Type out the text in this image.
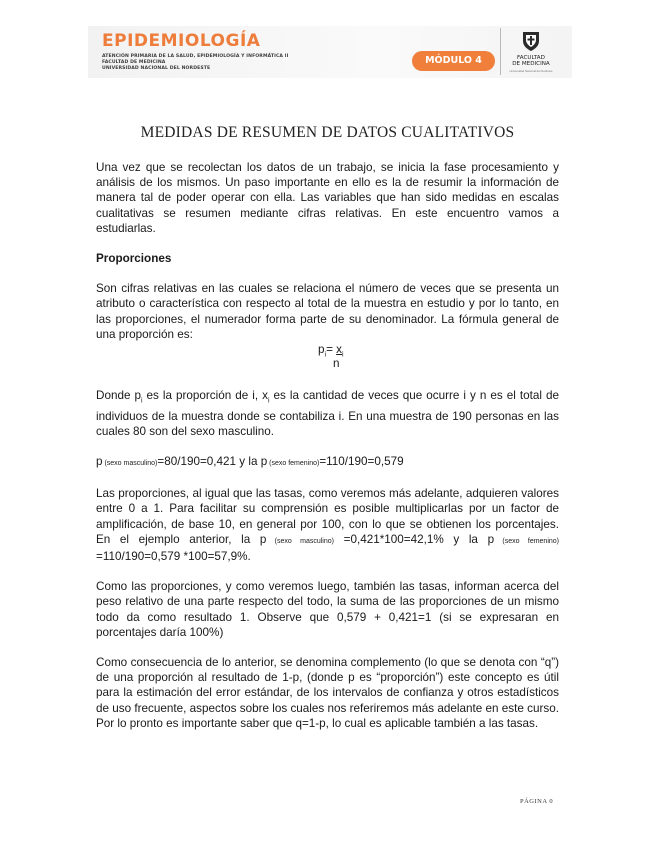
EPIDEMIOLOGÍA
ATENCIÓN PRIMARIA DE LA SALUD, EPIDEMIOLOGÍA Y INFORMÁTICA II
FACULTAD DE MEDICINA
UNIVERSIDAD NACIONAL DEL NORDESTE
MÓDULO 4	FACULTAD
DE MEDICINA
Universidad Nacional del Nordeste
MEDIDAS DE RESUMEN DE DATOS CUALITATIVOS

Una vez que se recolectan los datos de un trabajo, se inicia la fase procesamiento y análisis de los mismos. Un paso importante en ello es la de resumir la información de manera tal de poder operar con ella. Las variables que han sido medidas en escalas cualitativas se resumen mediante cifras relativas. En este encuentro vamos a estudiarlas.

Proporciones

Son cifras relativas en las cuales se relaciona el número de veces que se presenta un atributo o característica con respecto al total de la muestra en estudio y por lo tanto, en las proporciones, el numerador forma parte de su denominador. La fórmula general de una proporción es:

$p_i= x_i$
n

Donde $p_i$ es la proporción de i, $x_i$ es la cantidad de veces que ocurre i y n es el total de individuos de la muestra donde se contabiliza i. En una muestra de 190 personas en las cuales 80 son del sexo masculino.

p (sexo masculino)=80/190=0,421 y la p (sexo femenino)=110/190=0,579

Las proporciones, al igual que las tasas, como veremos más adelante, adquieren valores entre 0 a 1. Para facilitar su comprensión es posible multiplicarlas por un factor de amplificación, de base 10, en general por 100, con lo que se obtienen los porcentajes. En el ejemplo anterior, la p (sexo masculino) =0,421*100=42,1% y la p (sexo femenino) =110/190=0,579 *100=57,9%.

Como las proporciones, y como veremos luego, también las tasas, informan acerca del peso relativo de una parte respecto del todo, la suma de las proporciones de un mismo todo da como resultado 1. Observe que 0,579 + 0,421=1 (si se expresaran en porcentajes daría 100%)

Como consecuencia de lo anterior, se denomina complemento (lo que se denota con “q”) de una proporción al resultado de 1-p, (donde p es “proporción”) este concepto es útil para la estimación del error estándar, de los intervalos de confianza y otros estadísticos de uso frecuente, aspectos sobre los cuales nos referiremos más adelante en este curso. Por lo pronto es importante saber que q=1-p, lo cual es aplicable también a las tasas.

PÁGINA 0
